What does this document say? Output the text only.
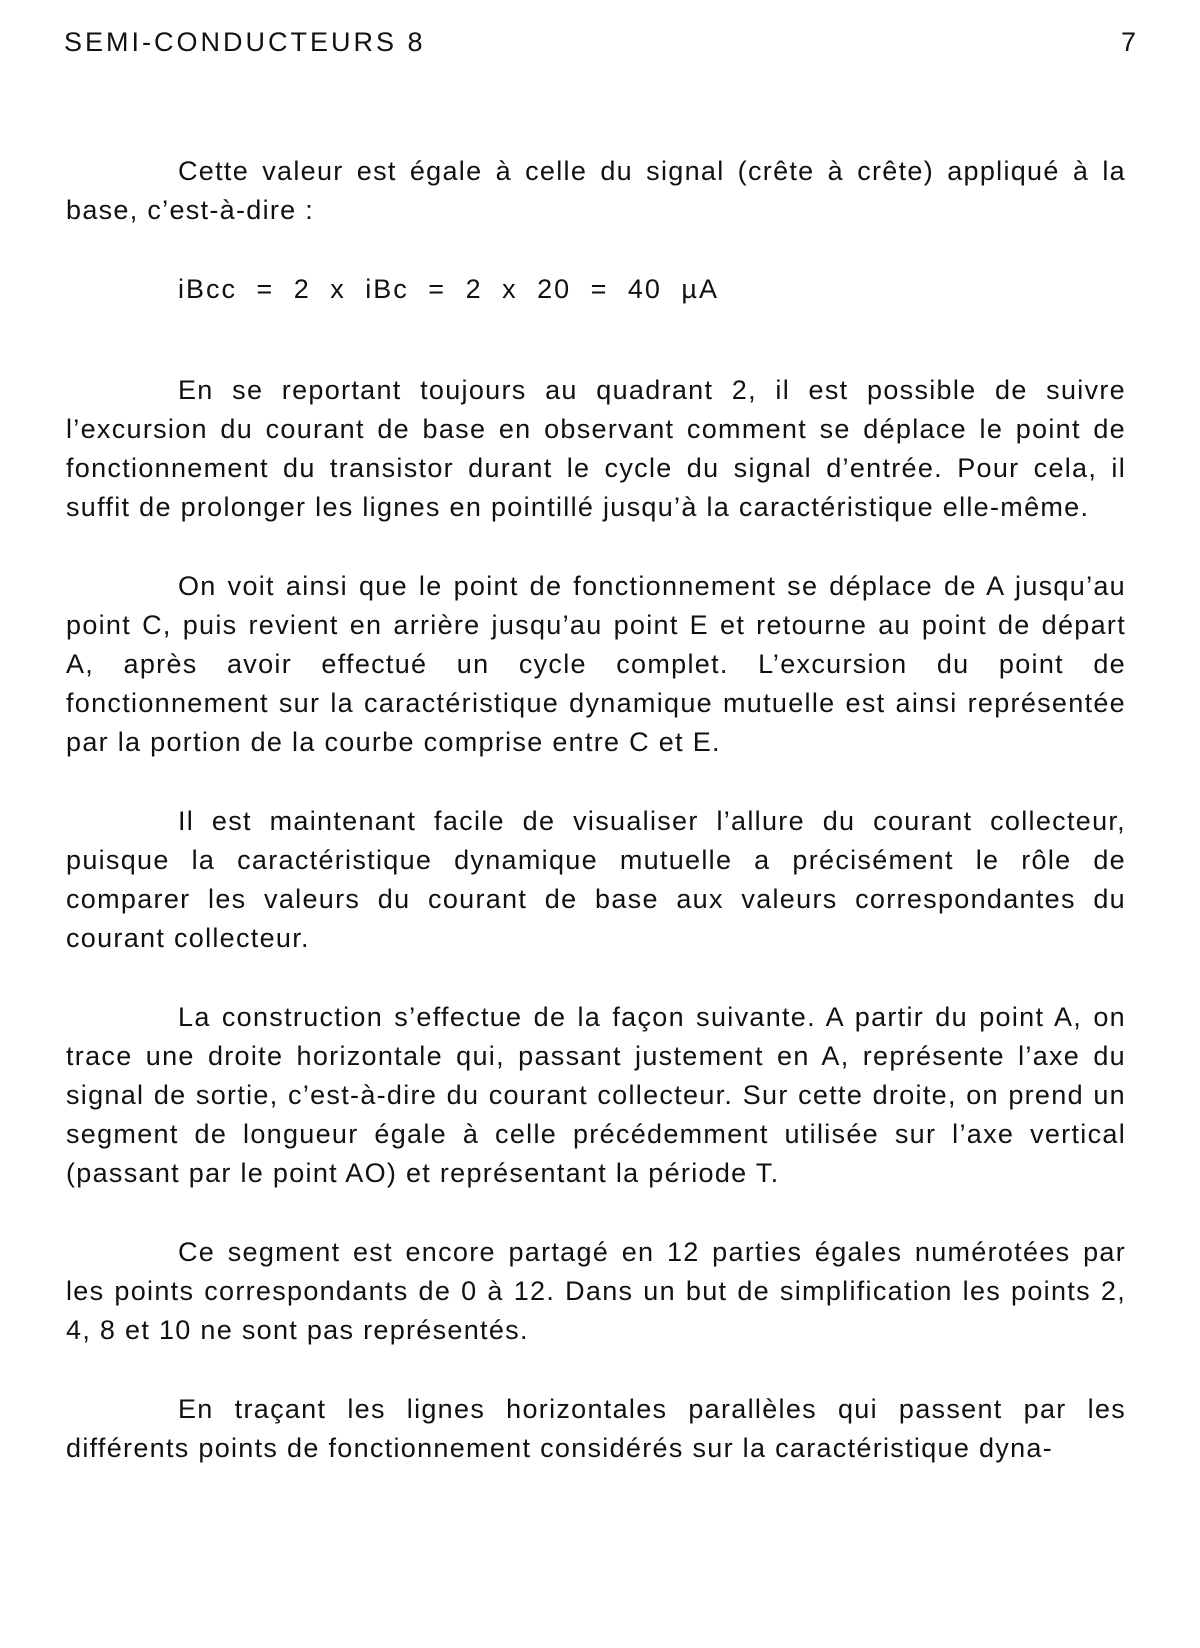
SEMI-CONDUCTEURS 8	7

Cette valeur est égale à celle du signal (crête à crête) appliqué à la base, c’est-à-dire :

iBcc = 2 x iBc = 2 x 20 = 40 µA

En se reportant toujours au quadrant 2, il est possible de suivre l’excursion du courant de base en observant comment se déplace le point de fonctionnement du transistor durant le cycle du signal d’entrée. Pour cela, il suffit de prolonger les lignes en pointillé jusqu’à la caractéristique elle-même.

On voit ainsi que le point de fonctionnement se déplace de A jusqu’au point C, puis revient en arrière jusqu’au point E et retourne au point de départ A, après avoir effectué un cycle complet. L’excursion du point de fonctionnement sur la caractéristique dynamique mutuelle est ainsi représentée par la portion de la courbe comprise entre C et E.

Il est maintenant facile de visualiser l’allure du courant collecteur, puisque la caractéristique dynamique mutuelle a précisément le rôle de comparer les valeurs du courant de base aux valeurs correspondantes du courant collecteur.

La construction s’effectue de la façon suivante. A partir du point A, on trace une droite horizontale qui, passant justement en A, représente l’axe du signal de sortie, c’est-à-dire du courant collecteur. Sur cette droite, on prend un segment de longueur égale à celle précédemment utilisée sur l’axe vertical (passant par le point AO) et représentant la période T.

Ce segment est encore partagé en 12 parties égales numérotées par les points correspondants de 0 à 12. Dans un but de simplification les points 2, 4, 8 et 10 ne sont pas représentés.

En traçant les lignes horizontales parallèles qui passent par les différents points de fonctionnement considérés sur la caractéristique dyna-
